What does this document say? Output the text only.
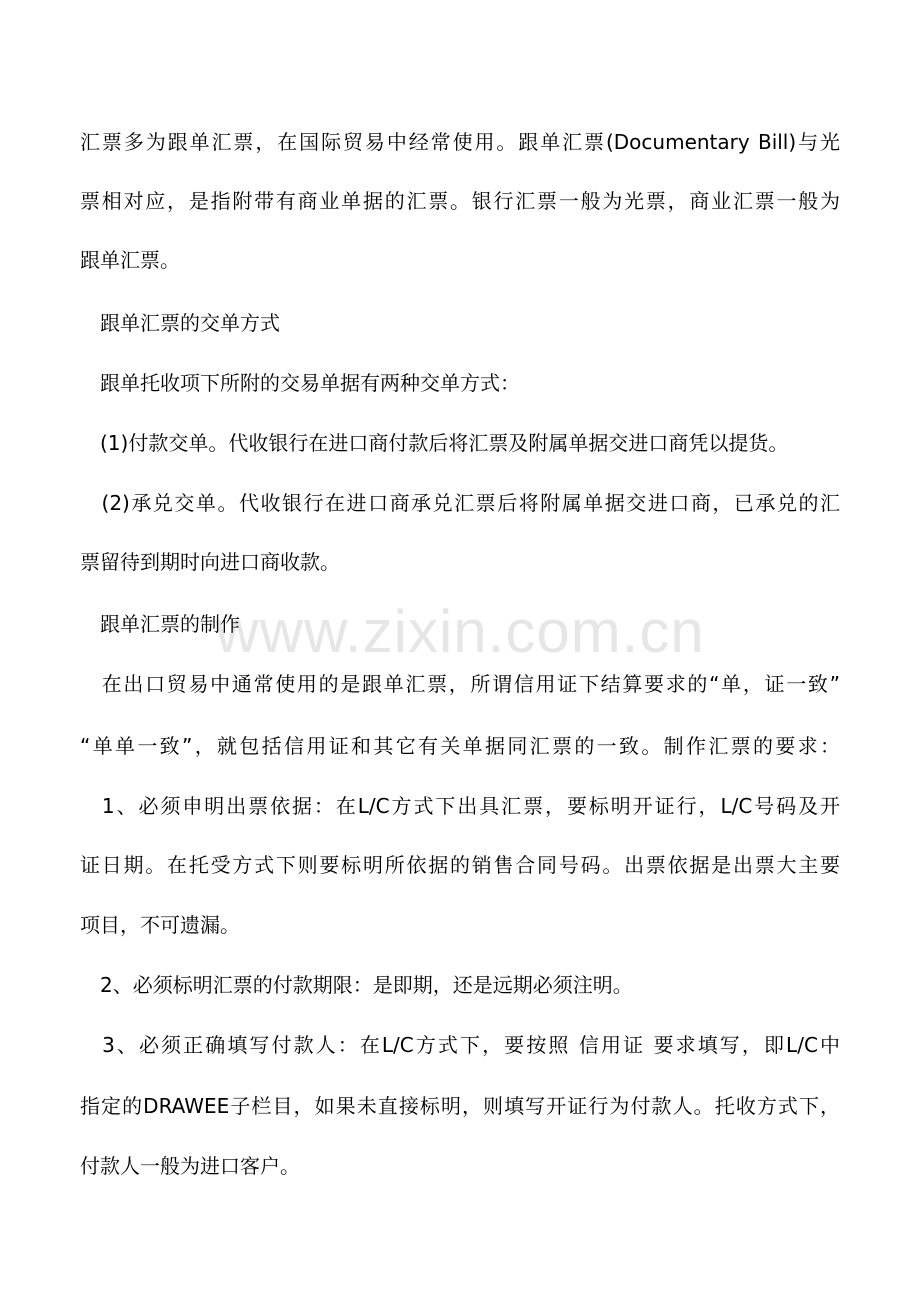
www.zixin.com.cn
汇票多为跟单汇票，在国际贸易中经常使用。跟单汇票(Documentary Bill)与光
票相对应，是指附带有商业单据的汇票。银行汇票一般为光票，商业汇票一般为
跟单汇票。
　跟单汇票的交单方式
　跟单托收项下所附的交易单据有两种交单方式：
　(1)付款交单。代收银行在进口商付款后将汇票及附属单据交进口商凭以提货。
　(2)承兑交单。代收银行在进口商承兑汇票后将附属单据交进口商，已承兑的汇
票留待到期时向进口商收款。
　跟单汇票的制作
　在出口贸易中通常使用的是跟单汇票，所谓信用证下结算要求的“单，证一致”
“单单一致”，就包括信用证和其它有关单据同汇票的一致。制作汇票的要求：
　1、必须申明出票依据：在L/C方式下出具汇票，要标明开证行，L/C号码及开
证日期。在托受方式下则要标明所依据的销售合同号码。出票依据是出票大主要
项目，不可遗漏。
　2、必须标明汇票的付款期限：是即期，还是远期必须注明。
　3、必须正确填写付款人：在L/C方式下，要按照 信用证 要求填写，即L/C中
指定的DRAWEE子栏目，如果未直接标明，则填写开证行为付款人。托收方式下，
付款人一般为进口客户。
